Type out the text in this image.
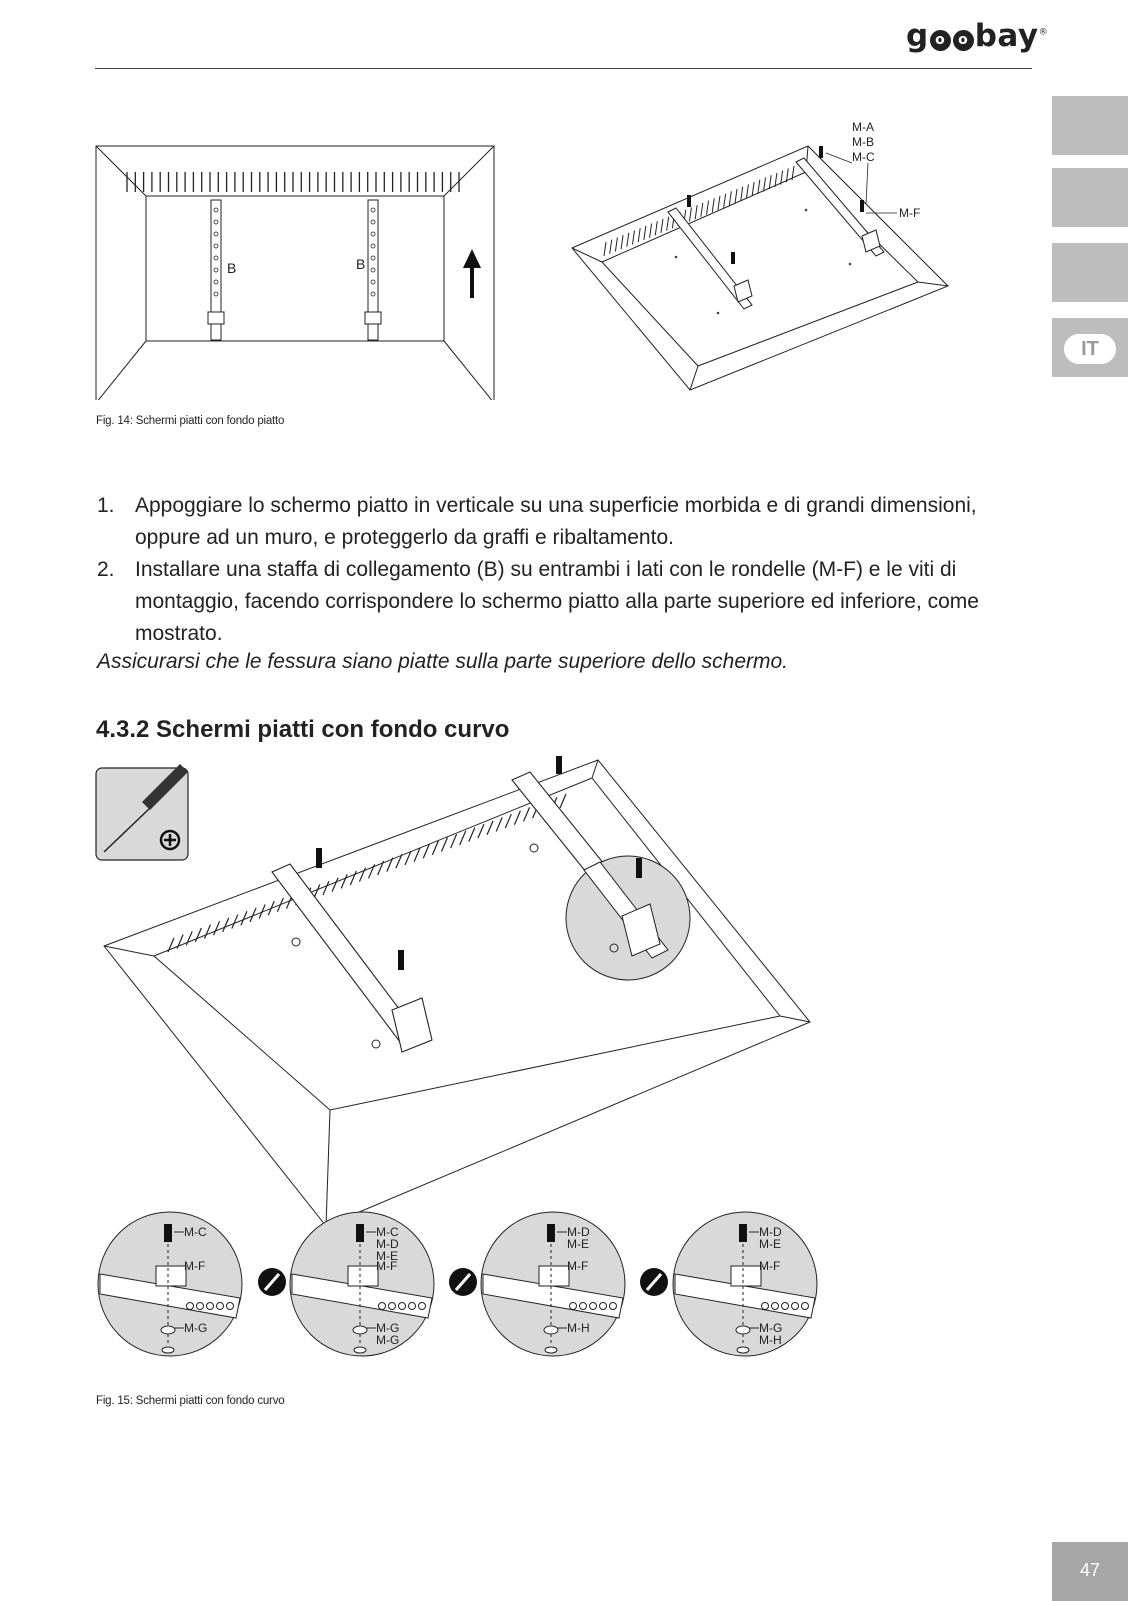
g o o bay®
IT
B	B
M-A
M-B
M-C
M-F
Fig. 14: Schermi piatti con fondo piatto
1. Appoggiare lo schermo piatto in verticale su una superficie morbida e di grandi dimensioni, oppure ad un muro, e proteggerlo da graffi e ribaltamento.
2. Installare una staffa di collegamento (B) su entrambi i lati con le rondelle (M-F) e le viti di montaggio, facendo corrispondere lo schermo piatto alla parte superiore ed inferiore, come mostrato.
Assicurarsi che le fessura siano piatte sulla parte superiore dello schermo.
4.3.2 Schermi piatti con fondo curvo
M-C
M-F
M-G
M-C
M-D
M-E
M-F
M-G
M-G
M-D
M-E
M-F
M-H
M-D
M-E
M-F
M-G
M-H
Fig. 15: Schermi piatti con fondo curvo
47
